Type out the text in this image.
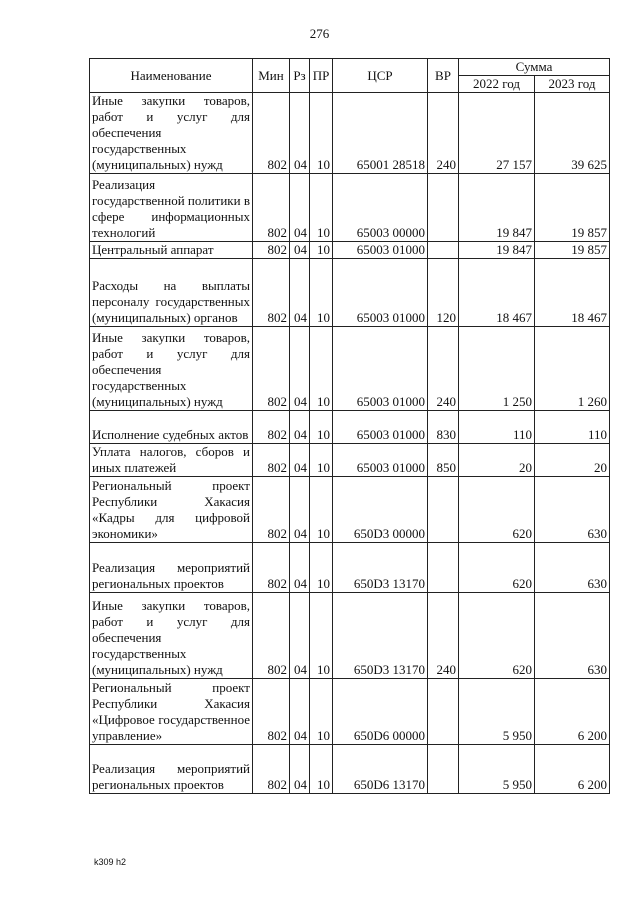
276
Наименование	Мин	Рз	ПР	ЦСР	ВР	Сумма	
						2022 год	2023 год
Иные закупки товаров, работ и услуг для обеспечения государственных (муниципальных) нужд	802	04	10	65001 28518	240	27 157	39 625
Реализация государственной политики в сфере информационных технологий	802	04	10	65003 00000		19 847	19 857
Центральный аппарат	802	04	10	65003 01000		19 847	19 857
Расходы на выплаты персоналу государственных (муниципальных) органов	802	04	10	65003 01000	120	18 467	18 467
Иные закупки товаров, работ и услуг для обеспечения государственных (муниципальных) нужд	802	04	10	65003 01000	240	1 250	1 260
Исполнение судебных актов	802	04	10	65003 01000	830	110	110
Уплата налогов, сборов и иных платежей	802	04	10	65003 01000	850	20	20
Региональный проект Республики Хакасия «Кадры для цифровой экономики»	802	04	10	650D3 00000		620	630
Реализация мероприятий региональных проектов	802	04	10	650D3 13170		620	630
Иные закупки товаров, работ и услуг для обеспечения государственных (муниципальных) нужд	802	04	10	650D3 13170	240	620	630
Региональный проект Республики Хакасия «Цифровое государственное управление»	802	04	10	650D6 00000		5 950	6 200
Реализация мероприятий региональных проектов	802	04	10	650D6 13170		5 950	6 200
k309 h2
